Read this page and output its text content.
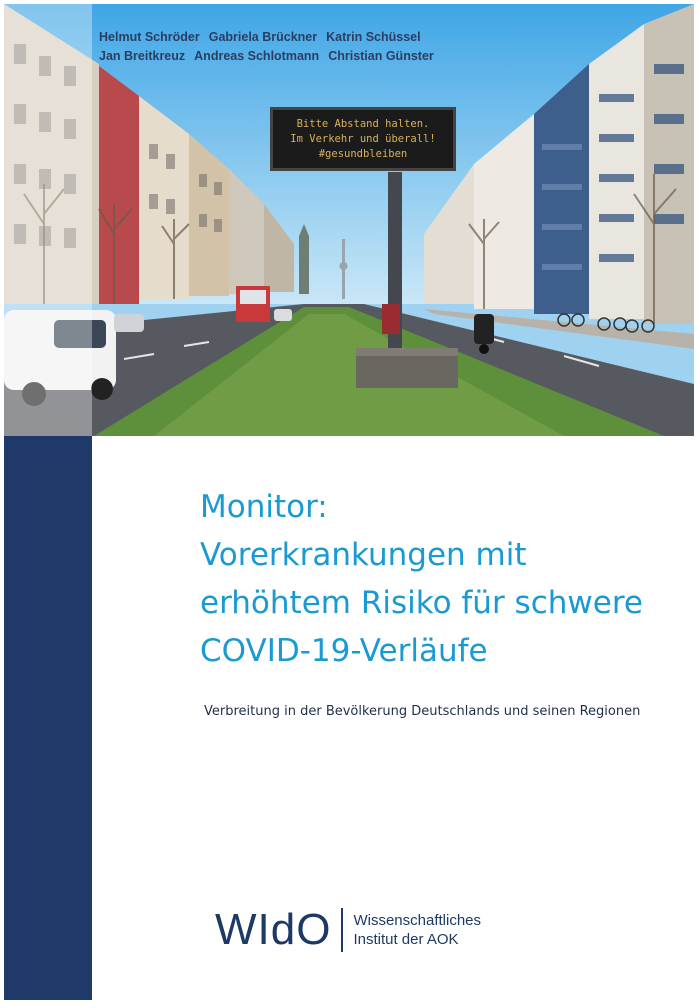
Helmut Schröder Gabriela Brückner Katrin Schüssel
Jan Breitkreuz Andreas Schlotmann Christian Günster
Bitte Abstand halten.
Im Verkehr und überall!
#gesundbleiben
Monitor:
Vorerkrankungen mit
erhöhtem Risiko für schwere
COVID-19-Verläufe
Verbreitung in der Bevölkerung Deutschlands und seinen Regionen
WIdO Wissenschaftliches
Institut der AOK
